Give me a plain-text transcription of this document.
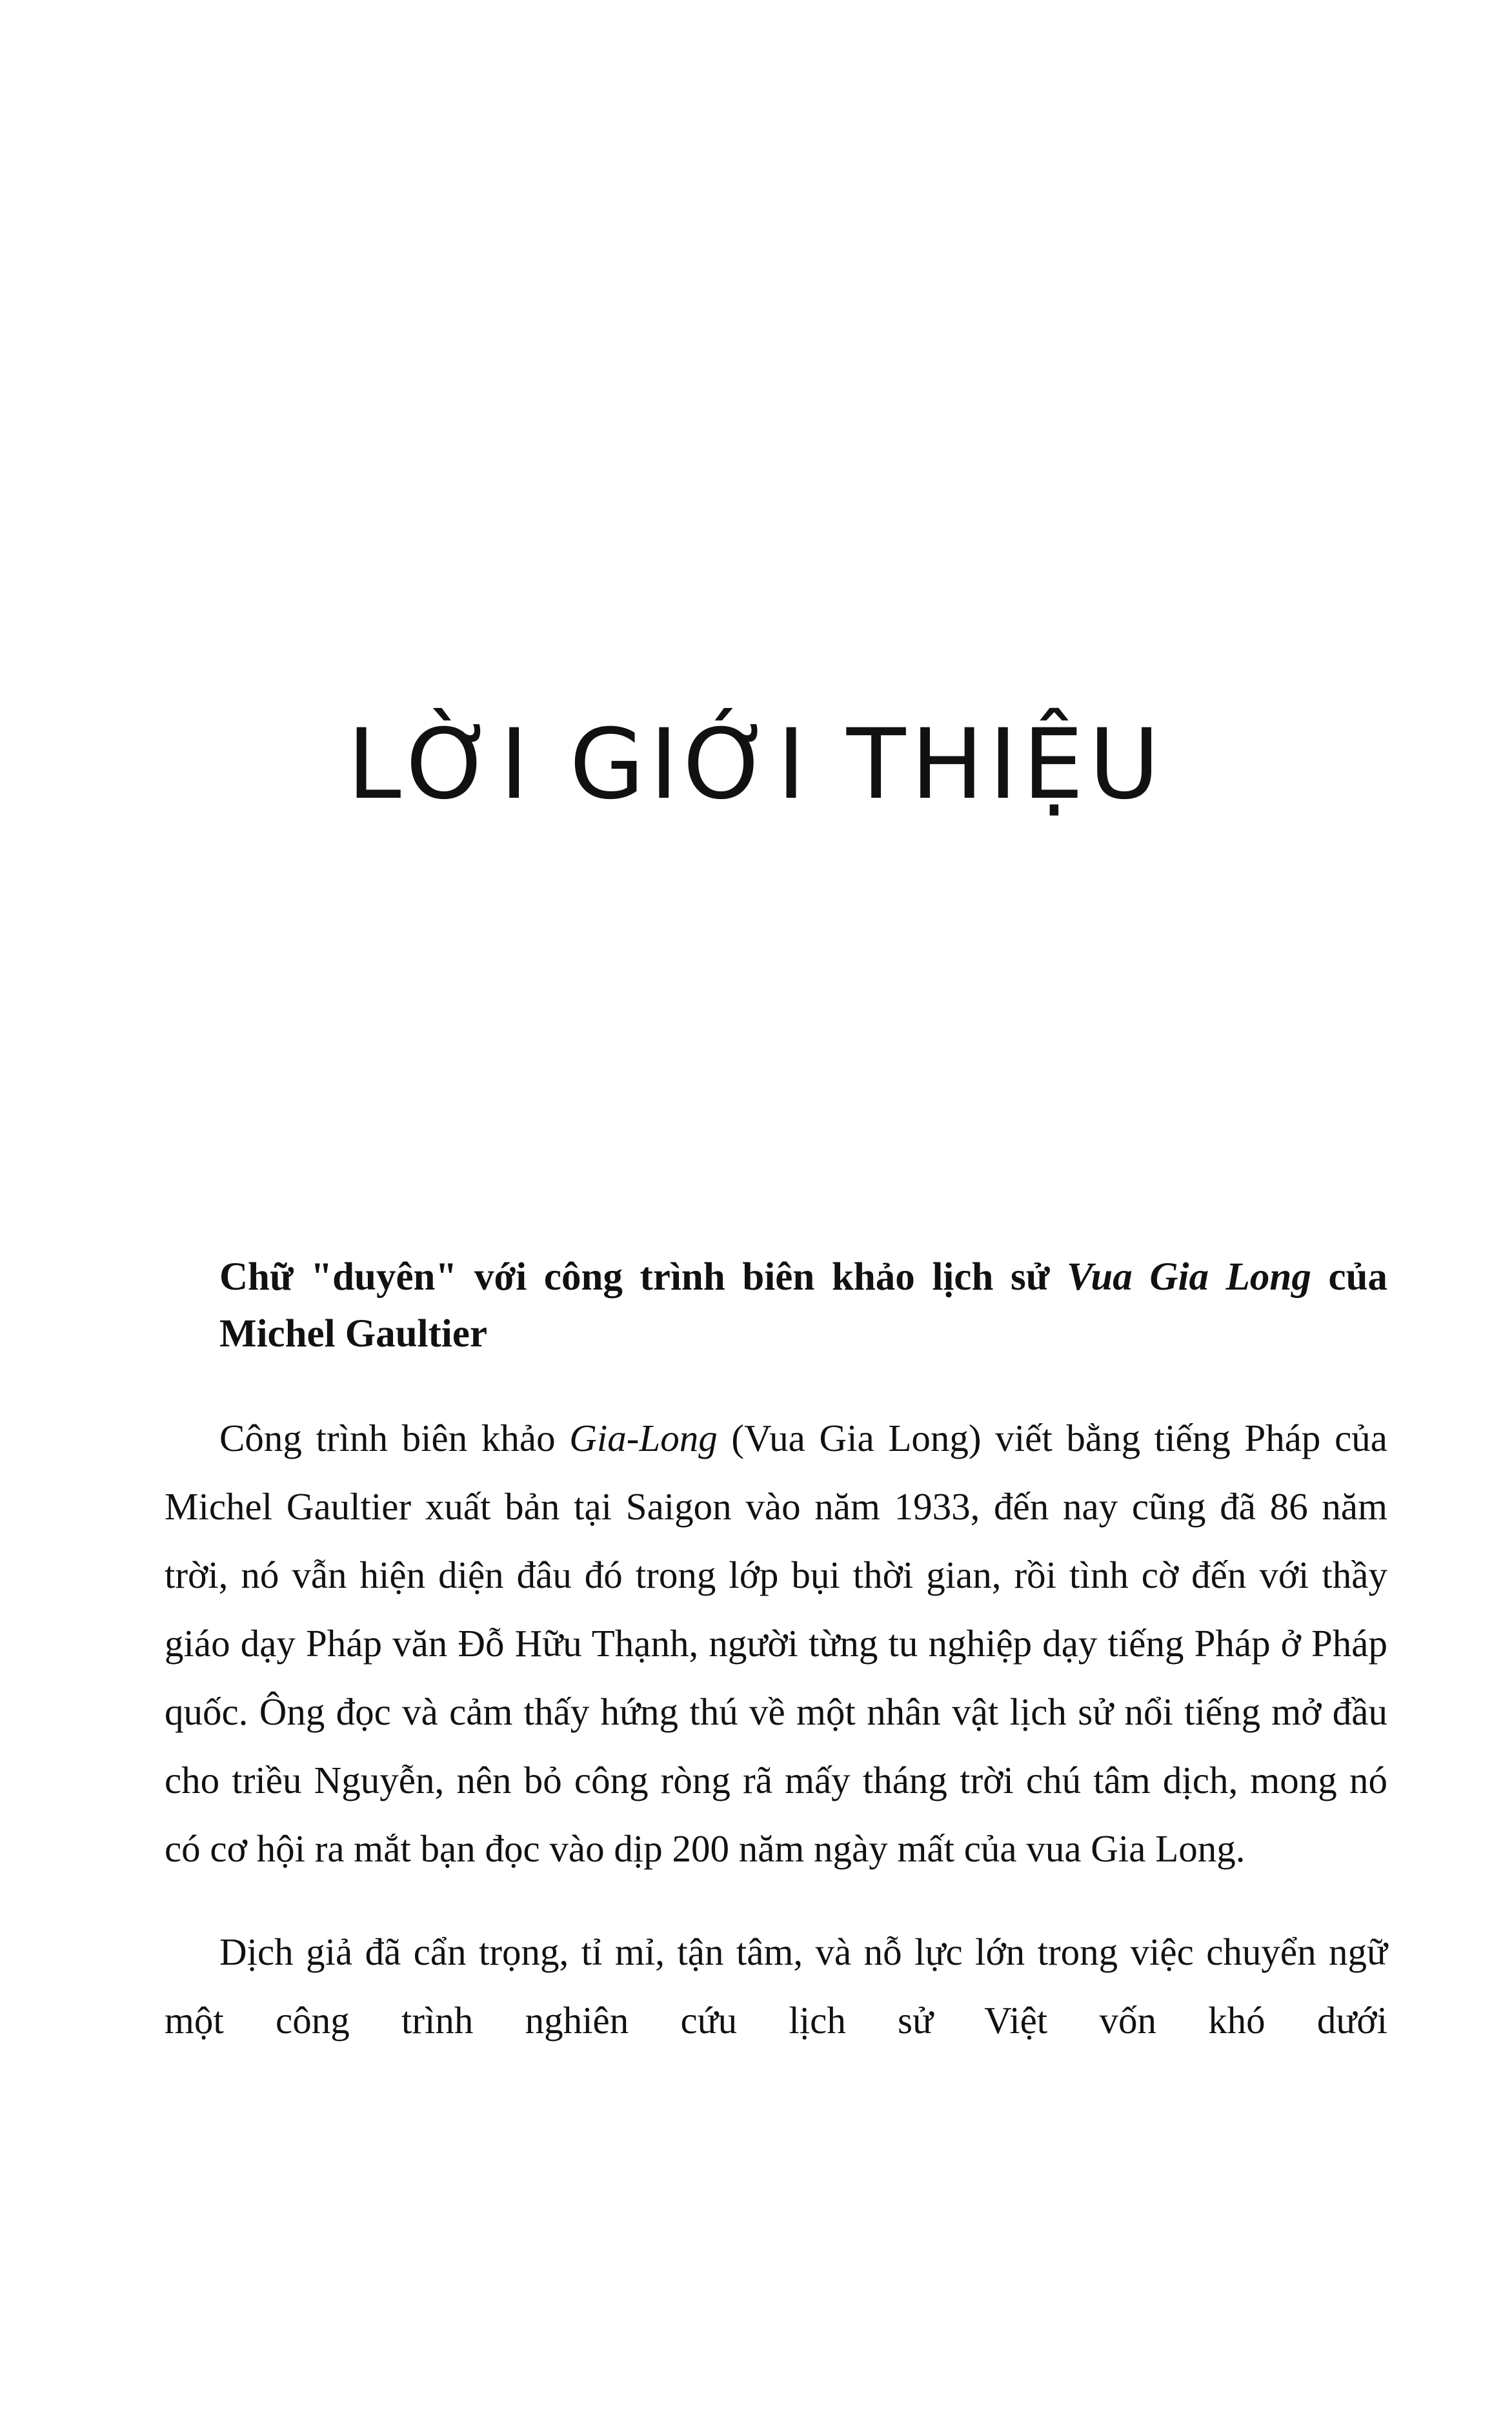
LỜI GIỚI THIỆU
Chữ "duyên" với công trình biên khảo lịch sử Vua Gia Long của Michel Gaultier

Công trình biên khảo Gia-Long (Vua Gia Long) viết bằng tiếng Pháp của Michel Gaultier xuất bản tại Saigon vào năm 1933, đến nay cũng đã 86 năm trời, nó vẫn hiện diện đâu đó trong lớp bụi thời gian, rồi tình cờ đến với thầy giáo dạy Pháp văn Đỗ Hữu Thạnh, người từng tu nghiệp dạy tiếng Pháp ở Pháp quốc. Ông đọc và cảm thấy hứng thú về một nhân vật lịch sử nổi tiếng mở đầu cho triều Nguyễn, nên bỏ công ròng rã mấy tháng trời chú tâm dịch, mong nó có cơ hội ra mắt bạn đọc vào dịp 200 năm ngày mất của vua Gia Long.

Dịch giả đã cẩn trọng, tỉ mỉ, tận tâm, và nỗ lực lớn trong việc chuyển ngữ một công trình nghiên cứu lịch sử Việt vốn khó dưới
